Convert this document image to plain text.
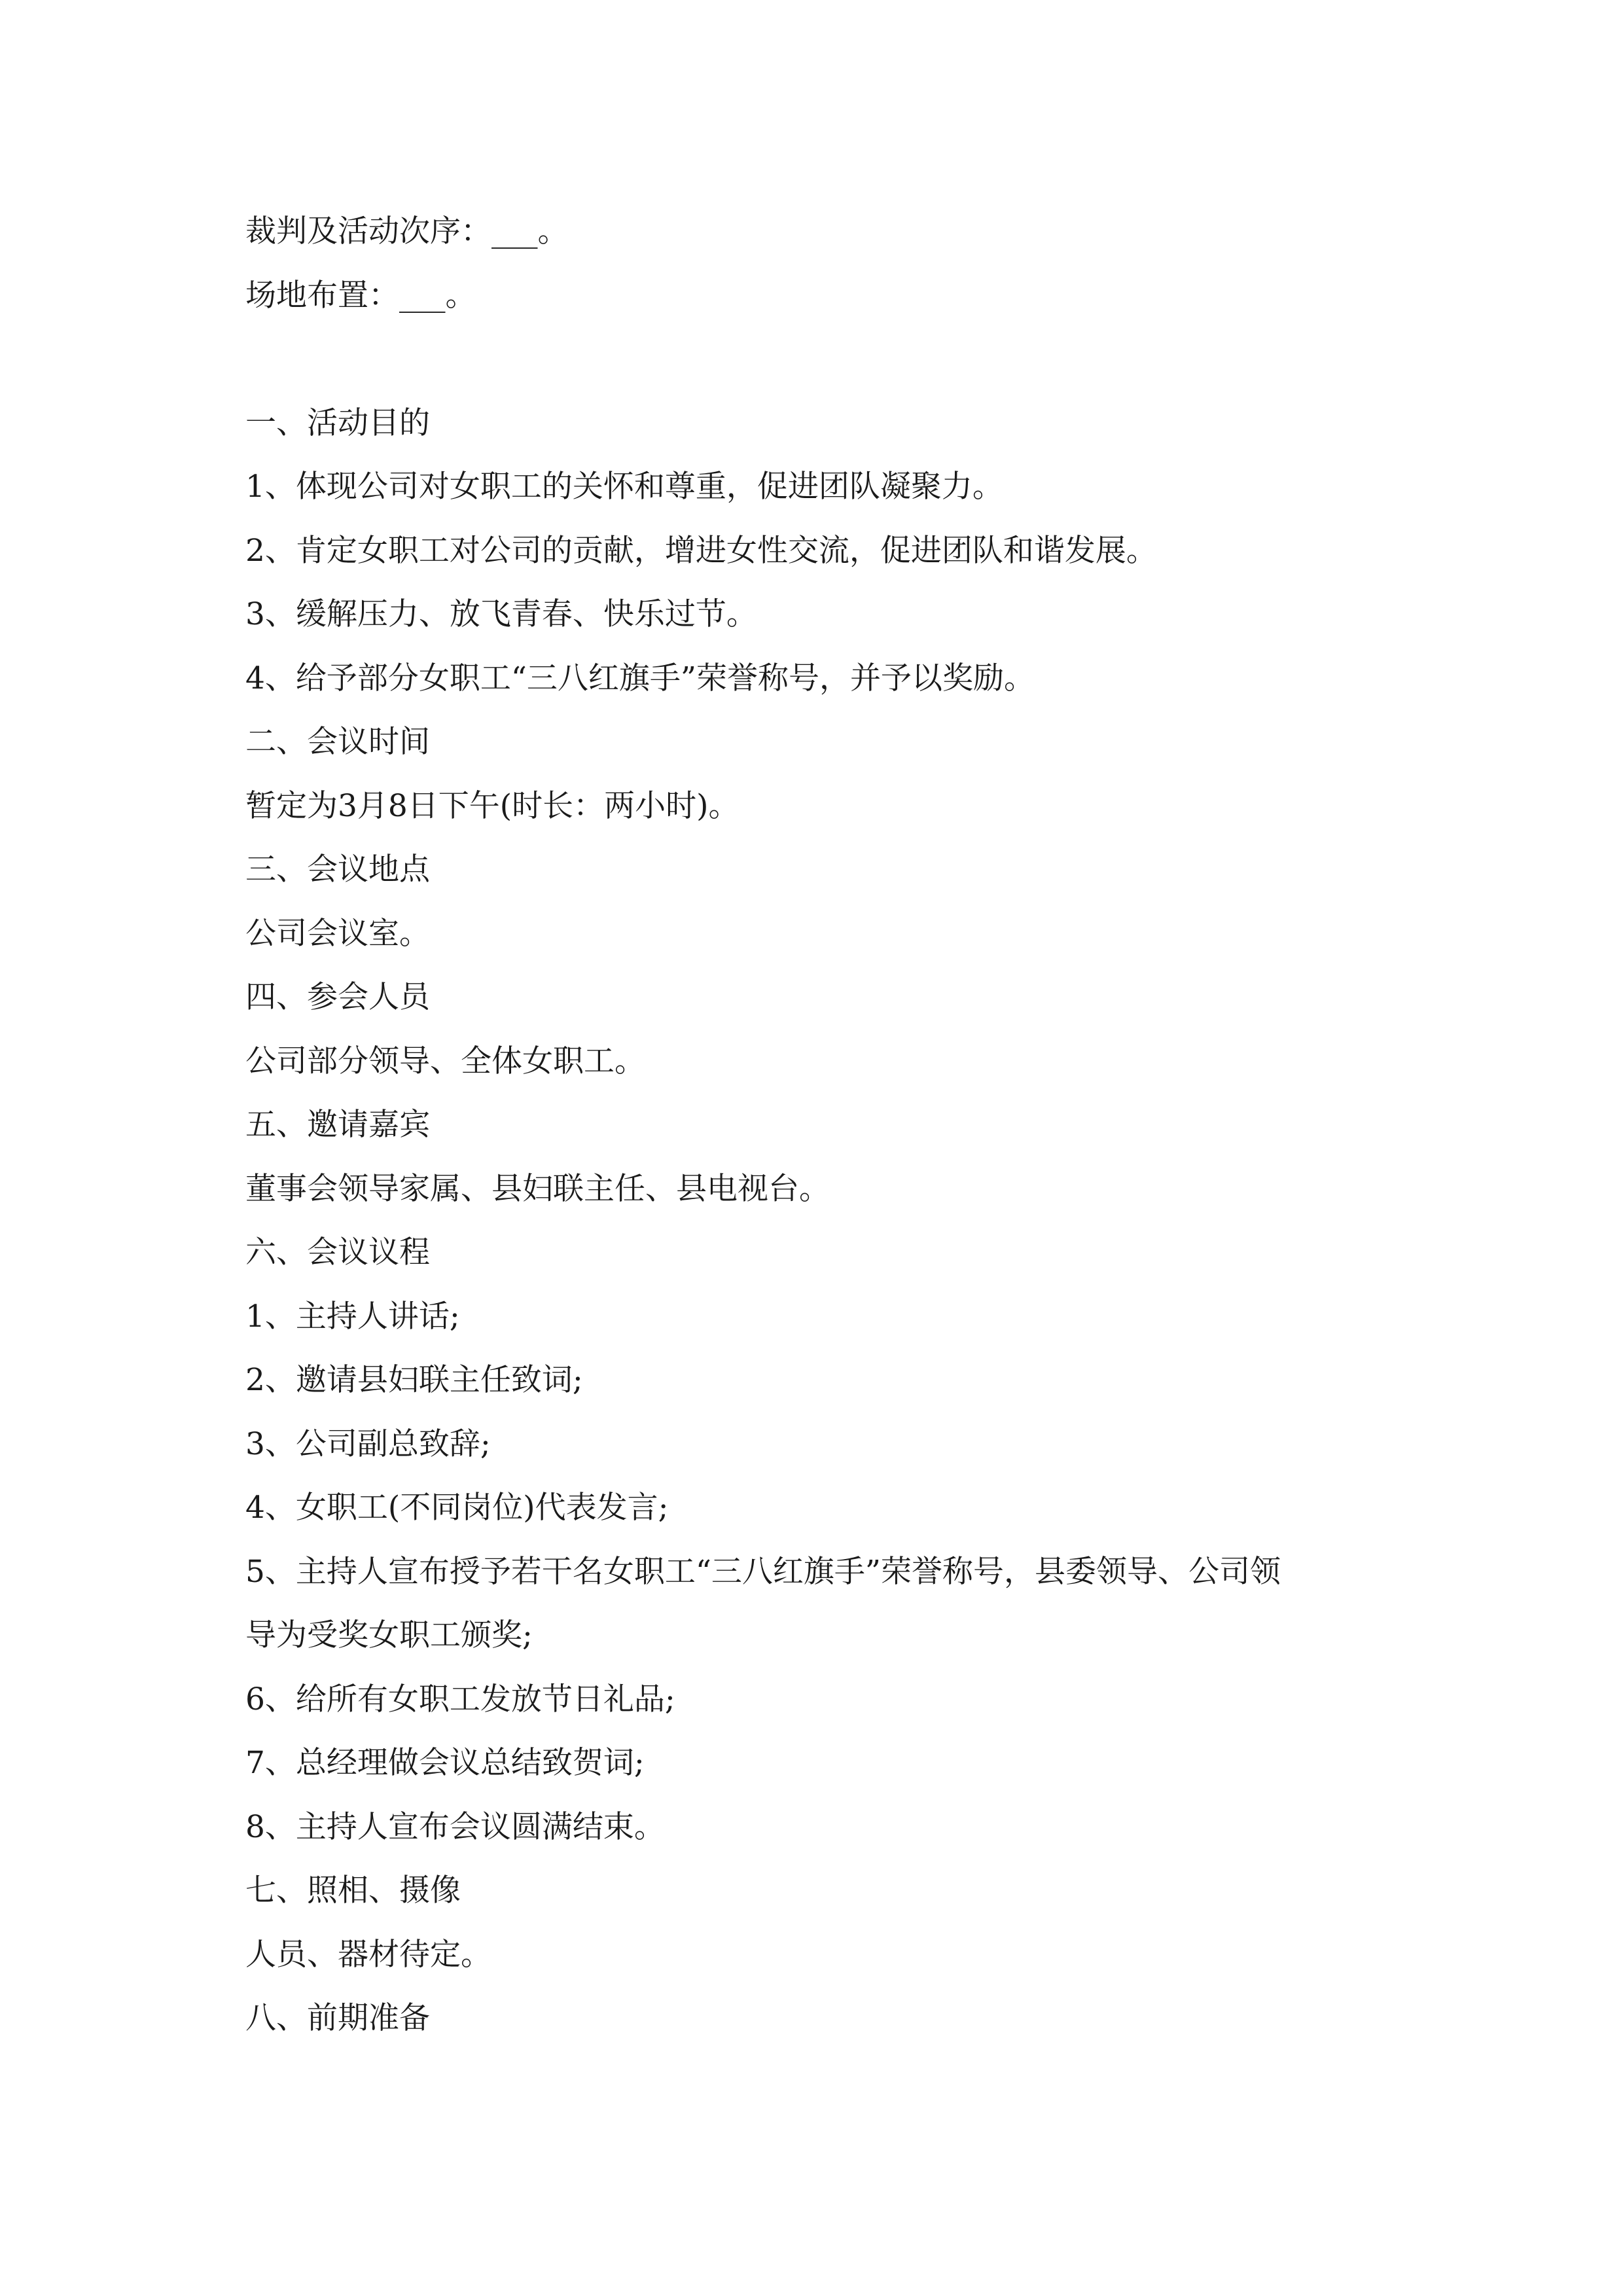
裁判及活动次序：___。
场地布置：___。
一、活动目的
1、体现公司对女职工的关怀和尊重，促进团队凝聚力。
2、肯定女职工对公司的贡献，增进女性交流，促进团队和谐发展。
3、缓解压力、放飞青春、快乐过节。
4、给予部分女职工“三八红旗手”荣誉称号，并予以奖励。
二、会议时间
暂定为3月8日下午(时长：两小时)。
三、会议地点
公司会议室。
四、参会人员
公司部分领导、全体女职工。
五、邀请嘉宾
董事会领导家属、县妇联主任、县电视台。
六、会议议程
1、主持人讲话;
2、邀请县妇联主任致词;
3、公司副总致辞;
4、女职工(不同岗位)代表发言;
5、主持人宣布授予若干名女职工“三八红旗手”荣誉称号，县委领导、公司领
导为受奖女职工颁奖;
6、给所有女职工发放节日礼品;
7、总经理做会议总结致贺词;
8、主持人宣布会议圆满结束。
七、照相、摄像
人员、器材待定。
八、前期准备
